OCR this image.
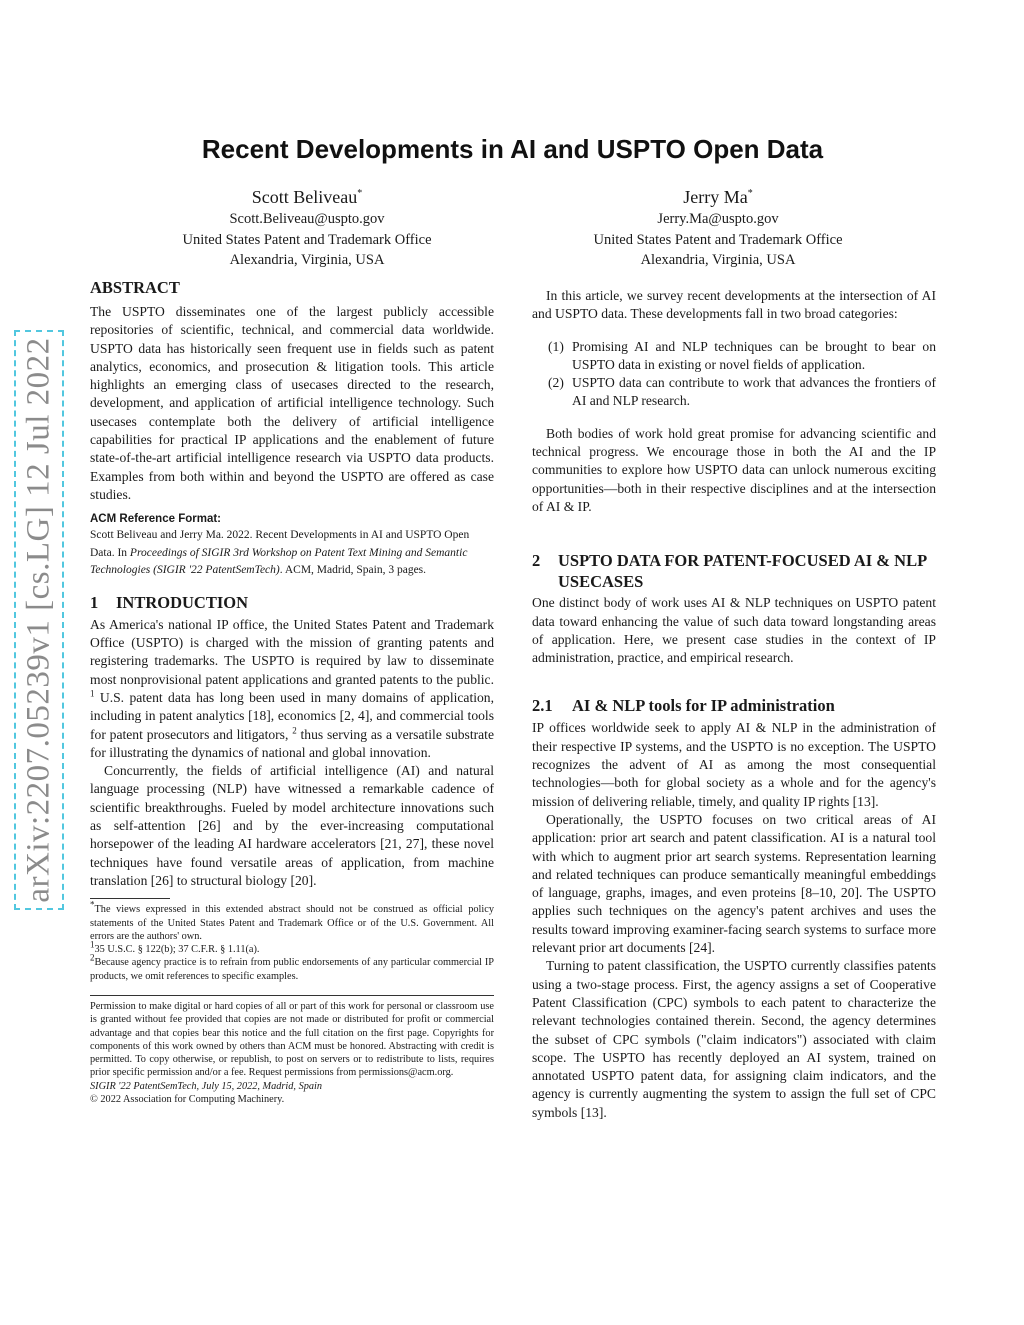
arXiv:2207.05239v1 [cs.LG] 12 Jul 2022
Recent Developments in AI and USPTO Open Data
Scott Beliveau*
Scott.Beliveau@uspto.gov
United States Patent and Trademark Office
Alexandria, Virginia, USA
Jerry Ma*
Jerry.Ma@uspto.gov
United States Patent and Trademark Office
Alexandria, Virginia, USA
ABSTRACT

The USPTO disseminates one of the largest publicly accessible repositories of scientific, technical, and commercial data worldwide. USPTO data has historically seen frequent use in fields such as patent analytics, economics, and prosecution & litigation tools. This article highlights an emerging class of usecases directed to the research, development, and application of artificial intelligence technology. Such usecases contemplate both the delivery of artificial intelligence capabilities for practical IP applications and the enablement of future state-of-the-art artificial intelligence research via USPTO data products. Examples from both within and beyond the USPTO are offered as case studies.

ACM Reference Format:
Scott Beliveau and Jerry Ma. 2022. Recent Developments in AI and USPTO Open Data. In Proceedings of SIGIR 3rd Workshop on Patent Text Mining and Semantic Technologies (SIGIR '22 PatentSemTech). ACM, Madrid, Spain, 3 pages.
1 INTRODUCTION

As America's national IP office, the United States Patent and Trademark Office (USPTO) is charged with the mission of granting patents and registering trademarks. The USPTO is required by law to disseminate most nonprovisional patent applications and granted patents to the public. $^1$ U.S. patent data has long been used in many domains of application, including in patent analytics [18], economics [2, 4], and commercial tools for patent prosecutors and litigators, $^2$ thus serving as a versatile substrate for illustrating the dynamics of national and global innovation.

Concurrently, the fields of artificial intelligence (AI) and natural language processing (NLP) have witnessed a remarkable cadence of scientific breakthroughs. Fueled by model architecture innovations such as self-attention [26] and by the ever-increasing computational horsepower of the leading AI hardware accelerators [21, 27], these novel techniques have found versatile areas of application, from machine translation [26] to structural biology [20].

*The views expressed in this extended abstract should not be construed as official policy statements of the United States Patent and Trademark Office or of the U.S. Government. All errors are the authors' own.
$^1$35 U.S.C. § 122(b); 37 C.F.R. § 1.11(a).
$^2$Because agency practice is to refrain from public endorsements of any particular commercial IP products, we omit references to specific examples.
Permission to make digital or hard copies of all or part of this work for personal or classroom use is granted without fee provided that copies are not made or distributed for profit or commercial advantage and that copies bear this notice and the full citation on the first page. Copyrights for components of this work owned by others than ACM must be honored. Abstracting with credit is permitted. To copy otherwise, or republish, to post on servers or to redistribute to lists, requires prior specific permission and/or a fee. Request permissions from permissions@acm.org.
SIGIR '22 PatentSemTech, July 15, 2022, Madrid, Spain
© 2022 Association for Computing Machinery.

In this article, we survey recent developments at the intersection of AI and USPTO data. These developments fall in two broad categories:

(1) Promising AI and NLP techniques can be brought to bear on USPTO data in existing or novel fields of application.
(2) USPTO data can contribute to work that advances the frontiers of AI and NLP research.

Both bodies of work hold great promise for advancing scientific and technical progress. We encourage those in both the AI and the IP communities to explore how USPTO data can unlock numerous exciting opportunities—both in their respective disciplines and at the intersection of AI & IP.

2	USPTO DATA FOR PATENT-FOCUSED AI & NLP USECASES

One distinct body of work uses AI & NLP techniques on USPTO patent data toward enhancing the value of such data toward longstanding areas of application. Here, we present case studies in the context of IP administration, practice, and empirical research.

2.1 AI & NLP tools for IP administration

IP offices worldwide seek to apply AI & NLP in the administration of their respective IP systems, and the USPTO is no exception. The USPTO recognizes the advent of AI as among the most consequential technologies—both for global society as a whole and for the agency's mission of delivering reliable, timely, and quality IP rights [13].

Operationally, the USPTO focuses on two critical areas of AI application: prior art search and patent classification. AI is a natural tool with which to augment prior art search systems. Representation learning and related techniques can produce semantically meaningful embeddings of language, graphs, images, and even proteins [8–10, 20]. The USPTO applies such techniques on the agency's patent archives and uses the results toward improving examiner-facing search systems to surface more relevant prior art documents [24].

Turning to patent classification, the USPTO currently classifies patents using a two-stage process. First, the agency assigns a set of Cooperative Patent Classification (CPC) symbols to each patent to characterize the relevant technologies contained therein. Second, the agency determines the subset of CPC symbols ("claim indicators") associated with claim scope. The USPTO has recently deployed an AI system, trained on annotated USPTO patent data, for assigning claim indicators, and the agency is currently augmenting the system to assign the full set of CPC symbols [13].
